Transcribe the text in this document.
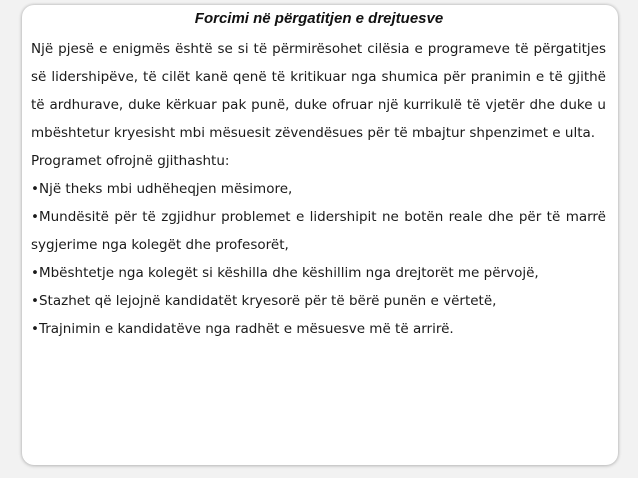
Forcimi në përgatitjen e drejtuesve

Një pjesë e enigmës është se si të përmirësohet cilësia e programeve të përgatitjes së lidershipëve, të cilët kanë qenë të kritikuar nga shumica për pranimin e të gjithë të ardhurave, duke kërkuar pak punë, duke ofruar një kurrikulë të vjetër dhe duke u mbështetur kryesisht mbi mësuesit zëvendësues për të mbajtur shpenzimet e ulta.

Programet ofrojnë gjithashtu:

• Një theks mbi udhëheqjen mësimore,

• Mundësitë për të zgjidhur problemet e lidershipit ne botën reale dhe për të marrë sygjerime nga kolegët dhe profesorët,

• Mbështetje nga kolegët si këshilla dhe këshillim nga drejtorët me përvojë,

• Stazhet që lejojnë kandidatët kryesorë për të bërë punën e vërtetë,

• Trajnimin e kandidatëve nga radhët e mësuesve më të arrirë.
